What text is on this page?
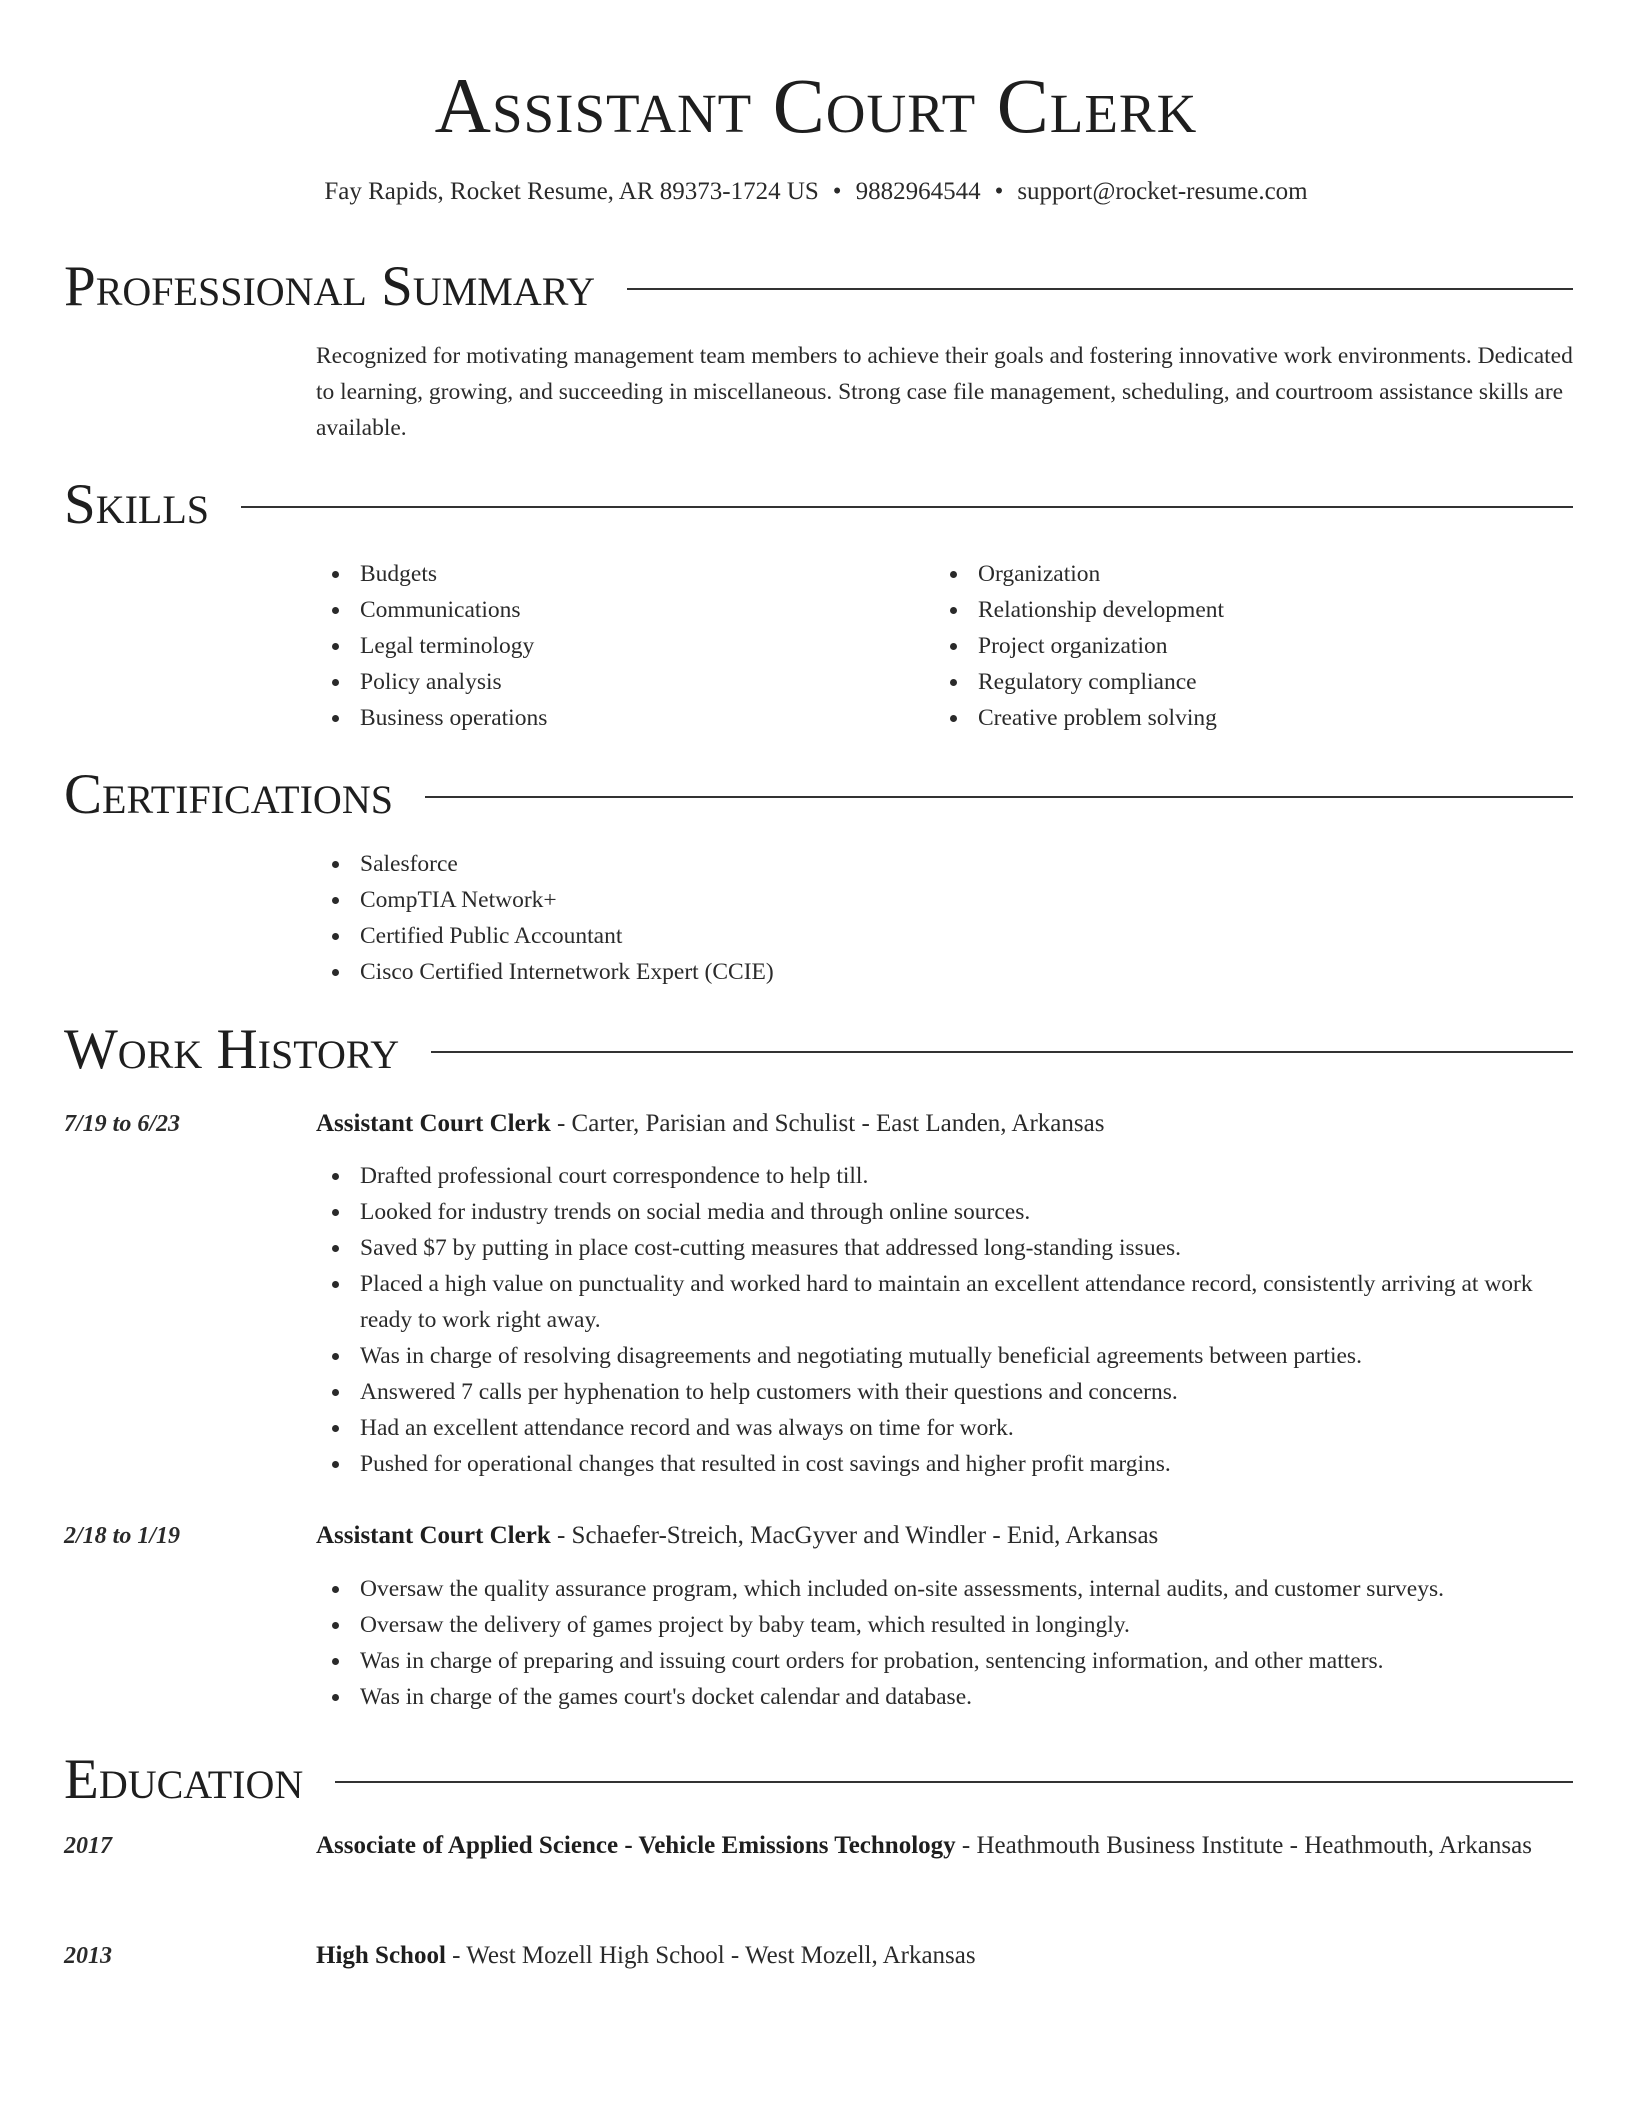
Assistant Court Clerk
Fay Rapids, Rocket Resume, AR 89373-1724 US • 9882964544 • support@rocket-resume.com
Professional Summary

Recognized for motivating management team members to achieve their goals and fostering innovative work environments. Dedicated to learning, growing, and succeeding in miscellaneous. Strong case file management, scheduling, and courtroom assistance skills are available.

Skills
Budgets
Communications
Legal terminology
Policy analysis
Business operations
Organization
Relationship development
Project organization
Regulatory compliance
Creative problem solving
Certifications
Salesforce
CompTIA Network+
Certified Public Accountant
Cisco Certified Internetwork Expert (CCIE)
Work History
7/19 to 6/23	Assistant Court Clerk - Carter, Parisian and Schulist - East Landen, Arkansas
Drafted professional court correspondence to help till.
Looked for industry trends on social media and through online sources.
Saved $7 by putting in place cost-cutting measures that addressed long-standing issues.
Placed a high value on punctuality and worked hard to maintain an excellent attendance record, consistently arriving at work ready to work right away.
Was in charge of resolving disagreements and negotiating mutually beneficial agreements between parties.
Answered 7 calls per hyphenation to help customers with their questions and concerns.
Had an excellent attendance record and was always on time for work.
Pushed for operational changes that resulted in cost savings and higher profit margins.
2/18 to 1/19	Assistant Court Clerk - Schaefer-Streich, MacGyver and Windler - Enid, Arkansas
Oversaw the quality assurance program, which included on-site assessments, internal audits, and customer surveys.
Oversaw the delivery of games project by baby team, which resulted in longingly.
Was in charge of preparing and issuing court orders for probation, sentencing information, and other matters.
Was in charge of the games court's docket calendar and database.
Education
2017	Associate of Applied Science - Vehicle Emissions Technology - Heathmouth Business Institute - Heathmouth, Arkansas
2013	High School - West Mozell High School - West Mozell, Arkansas
